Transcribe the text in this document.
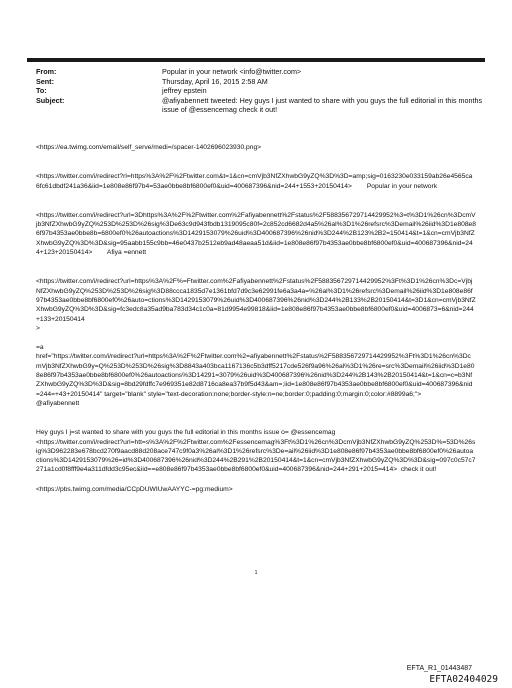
From:	Popular in your network <info@twitter.com>
Sent:	Thursday, April 16, 2015 2:58 AM
To:	jeffrey epstein
Subject:	@afiyabennett tweeted: Hey guys I just wanted to share with you guys the full editorial in this months issue of @essencemag check it out!
<https://ea.twimg.com/email/self_serve/medi=/spacer-1402696023930.png>
<https://twitter.com/i/redirect?rl=https%3A%2F%2Ftwitter.com&t=1&cn=cmVjb3NfZXhwbG9yZQ%3D%3D=amp;sig=0163230e033159ab26e4565ca6fc61dbdf241a36&iid=1e808e86f97b4=53ae0bbe8bf6800ef0&uid=400687396&nid=244+1553+20150414> Popular in your network
<https://twitter.com/i/redirect?url=3Dhttps%3A%2F%2Ftwitter.com%2Fafiyabennett%2Fstatus%2F588356729714429952%3=t%3D1%26cn%3DcmVjb3NfZXhwbG9yZQ%253D%253D%26sig%3De63c9d943fbdb1319095c80f=2c852cd6682d4a5%26al%3D1%26refsrc%3Demail%26iid%3D1e808e86f97b4353ae0bbe8b=6800ef0%26autoactions%3D1429153079%26uid%3D400687396%26nid%3D244%2B123%2B2=150414&t=1&cn=cmVjb3NfZXhwbG9yZQ%3D%3D&sig=95aabb155c9bb=46e0437b2512eb9ad48aeaa51d&iid=1e808e86f97b4353ae0bbe8bf6800ef0&uid=400687396&nid=244+123+20150414> Afiya =ennett
<https://twitter.com/i/redirect?url=https%3A%2F%=Ftwitter.com%2Fafiyabennett%2Fstatus%2F588356729714429952%3Ft%3D1%26cn%3Dc=VjbjNfZXhwbG9yZQ%253D%253D%26sig%3D88ccca1835d7e1361bfd7d9c3e62991fe6a3a4a=%26al%3D1%26refsrc%3Demail%26iid%3D1e808e86f97b4353ae0bbe8bf6800ef0%26auto=ctions%3D1429153079%26uid%3D400687396%26nid%3D244%2B133%2B20150414&t=3D1&cn=cmVjb3NfZXhwbG9yZQ%3D%3D&sig=fc3edc8a35ad9ba783d34c1c0a=81d9954e99818&iid=1e808e86f97b4353ae0bbe8bf6800ef0&uid=4006873=6&nid=244+133+20150414
>
=a
href="https://twitter.com/i/redirect?url=https%3A%2F%2Ftwitter.com%2=afiyabennett%2Fstatus%2F588356729714429952%3Ft%3D1%26cn%3DcmVjb3NfZXhwbG9y=Q%253D%253D%26sig%3D8843a403bca1167136c5b3dff5217cde526f9a96%26al%3D1%26re=src%3Demail%26iid%3D1e808e86f97b4353ae0bbe8bf6800ef0%26autoactions%3D14291=3079%26uid%3D400687396%26nid%3D244%2B143%2B20150414&t=1&cn=c=b3NfZXhwbG9yZQ%3D%3D&sig=8bd29fdffc7e969351e82d8716ca8ea37b9f5d43&am=;iid=1e808e86f97b4353ae0bbe8bf6800ef0&uid=400687396&nid=244=+43+20150414" target="blank" style="text-decoration:none;border-style:n=ne;border:0;padding:0;margin:0;color:#8899a6;">
@afiyabennett
Hey guys I j=st wanted to share with you guys the full editorial in this months issue o= @essencemag
<https://twitter.com/i/redirect?url=htt=s%3A%2F%2Ftwitter.com%2Fessencemag%3Ft%3D1%26cn%3DcmVjb3NfZXhwbG9yZQ%253D%=53D%26sig%3D962283e678bcd270f9aacd88d208ace747c9f0a3%26al%3D1%26refsrc%3De=ail%26iid%3D1e808e86f97b4353ae0bbe8bf6800ef0%26autoactions%3D1429153079%26=id%3D400687396%26nid%3D244%2B291%2B20150414&t=1&cn=cmVjb3NfZXhwbG9yZQ%3D%3D&sig=097c0c57c7271a1cd0f8fff9e4a311dfdd3c95ec&iid==e808e86f97b4353ae0bbe8bf6800ef0&uid=400687396&nid=244+291+2015=414> check it out!
<https://pbs.twimg.com/media/CCpDUWIUwAAYYC-=pg:medium>
1
EFTA_R1_01443487
EFTA02404029
